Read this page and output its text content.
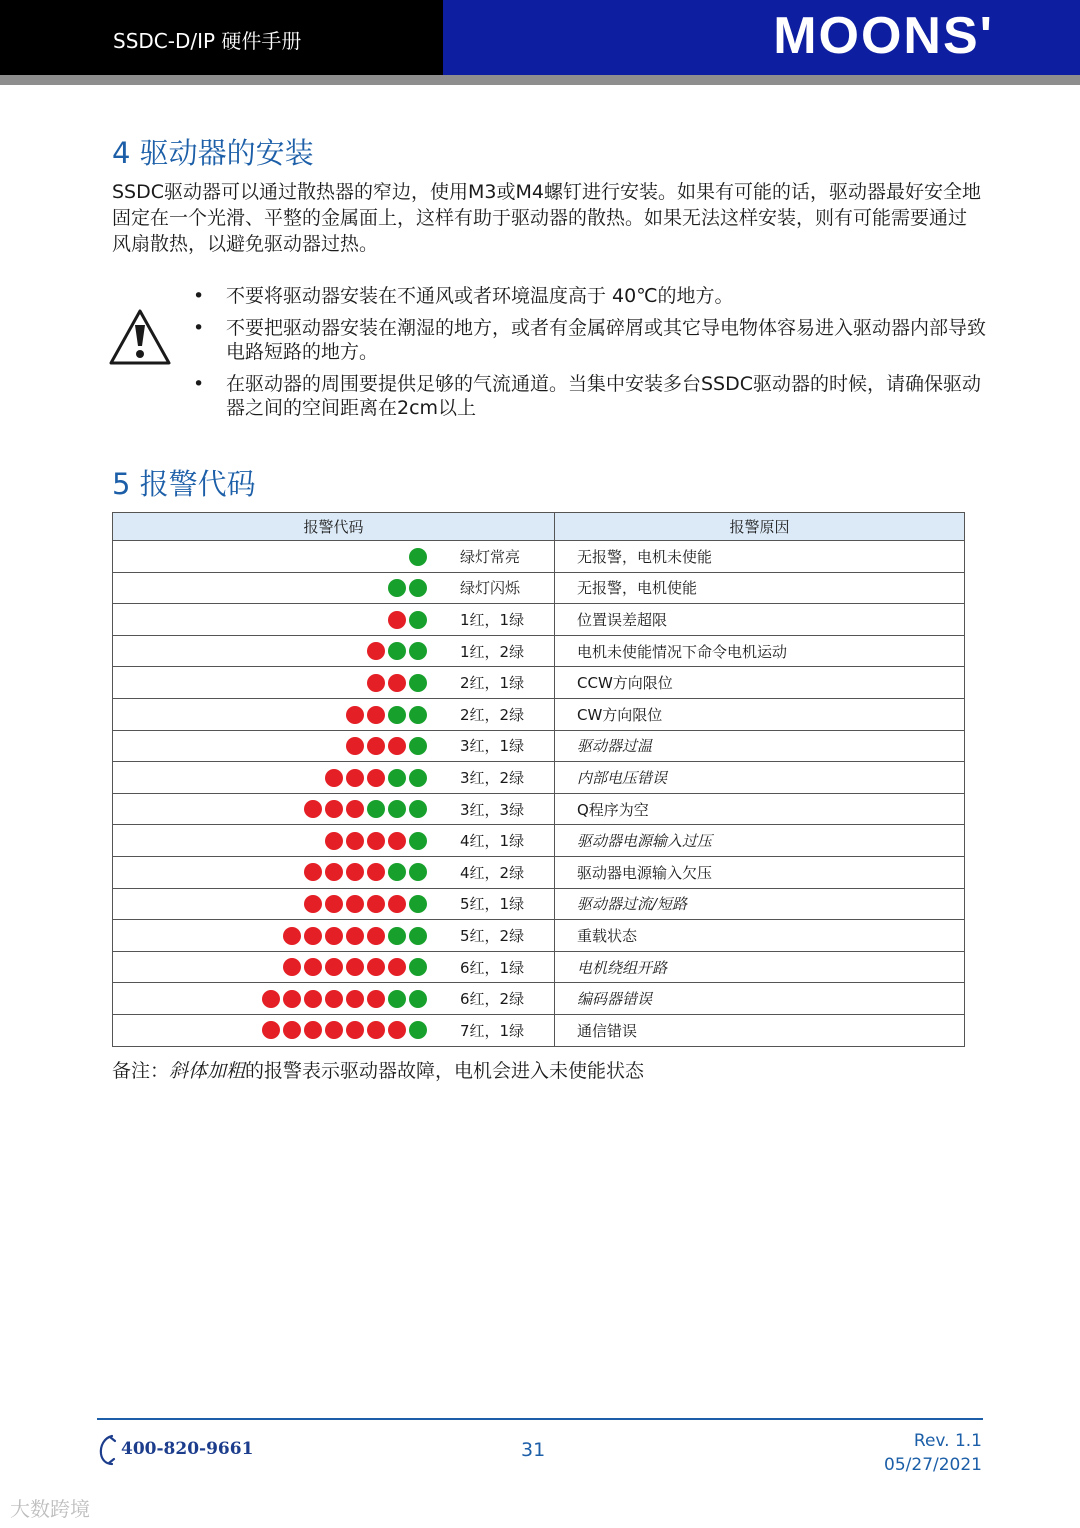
SSDC-D/IP 硬件手册	MOONS'
4 驱动器的安装
SSDC驱动器可以通过散热器的窄边，使用M3或M4螺钉进行安装。如果有可能的话，驱动器最好安全地固定在一个光滑、平整的金属面上，这样有助于驱动器的散热。如果无法这样安装，则有可能需要通过风扇散热，以避免驱动器过热。
• 不要将驱动器安装在不通风或者环境温度高于 40℃的地方。
• 不要把驱动器安装在潮湿的地方，或者有金属碎屑或其它导电物体容易进入驱动器内部导致电路短路的地方。
• 在驱动器的周围要提供足够的气流通道。当集中安装多台SSDC驱动器的时候，请确保驱动 器之间的空间距离在2cm以上
5 报警代码
报警代码		报警原因
	绿灯常亮	无报警，电机未使能
	绿灯闪烁	无报警，电机使能
	1红，1绿	位置误差超限
	1红，2绿	电机未使能情况下命令电机运动
	2红，1绿	CCW方向限位
	2红，2绿	CW方向限位
	3红，1绿	驱动器过温
	3红，2绿	内部电压错误
	3红，3绿	Q程序为空
	4红，1绿	驱动器电源输入过压
	4红，2绿	驱动器电源输入欠压
	5红，1绿	驱动器过流/短路
	5红，2绿	重载状态
	6红，1绿	电机绕组开路
	6红，2绿	编码器错误
	7红，1绿	通信错误
备注：斜体加粗的报警表示驱动器故障，电机会进入未使能状态
400-820-9661	31	Rev. 1.1
05/27/2021
大数跨境
